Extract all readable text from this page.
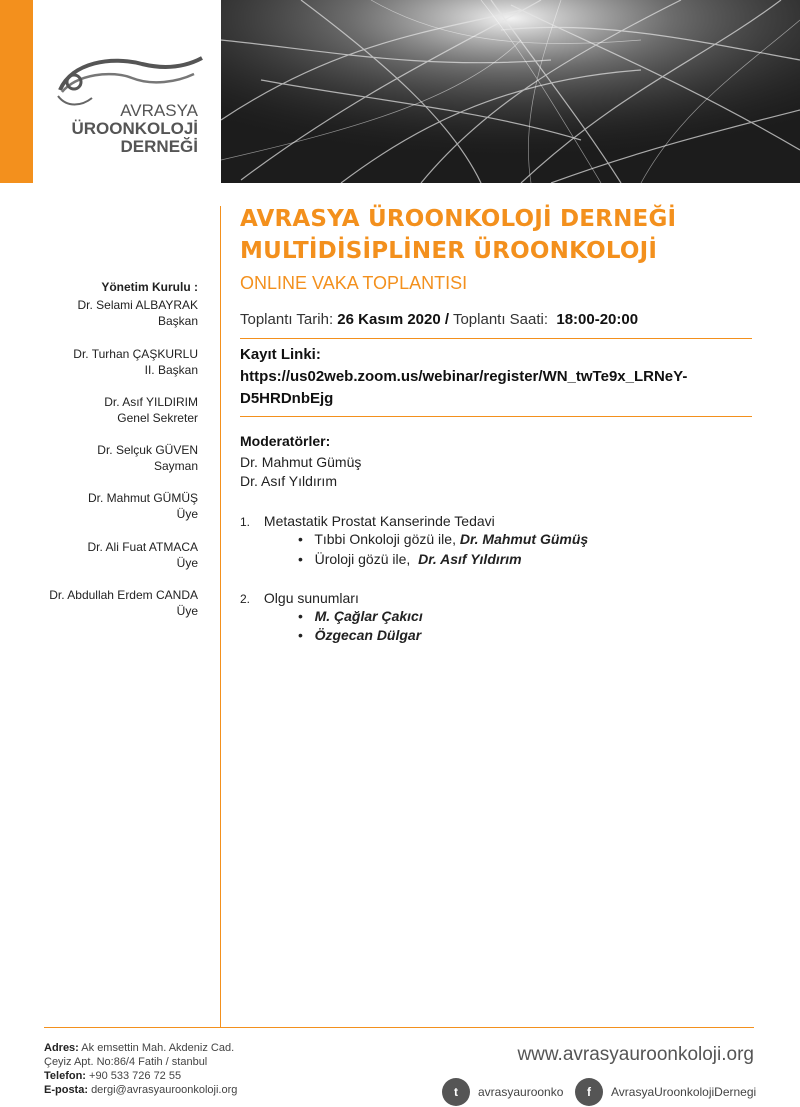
AVRASYA
ÜROONKOLOJİ
DERNEĞİ
Yönetim Kurulu :
Dr. Selami ALBAYRAK
Başkan
Dr. Turhan ÇAŞKURLU
II. Başkan
Dr. Asıf YILDIRIM
Genel Sekreter
Dr. Selçuk GÜVEN
Sayman
Dr. Mahmut GÜMÜŞ
Üye
Dr. Ali Fuat ATMACA
Üye
Dr. Abdullah Erdem CANDA
Üye
AVRASYA ÜROONKOLOJİ DERNEĞİ
MULTİDİSİPLİNER ÜROONKOLOJİ
ONLINE VAKA TOPLANTISI
Toplantı Tarih: 26 Kasım 2020 / Toplantı Saati: 18:00-20:00
Kayıt Linki:
https://us02web.zoom.us/webinar/register/WN_twTe9x_LRNeY-D5HRDnbEjg
Moderatörler:
Dr. Mahmut Gümüş
Dr. Asıf Yıldırım
1. Metastatik Prostat Kanserinde Tedavi
• Tıbbi Onkoloji gözü ile, Dr. Mahmut Gümüş
• Üroloji gözü ile, Dr. Asıf Yıldırım
2. Olgu sunumları
• M. Çağlar Çakıcı
• Özgecan Dülgar
Adres: Ak emsettin Mah. Akdeniz Cad.
Çeyiz Apt. No:86/4 Fatih / stanbul
Telefon: +90 533 726 72 55
E-posta: dergi@avrasyauroonkoloji.org
www.avrasyauroonkoloji.org
t	avrasyauroonko	f	AvrasyaUroonkolojiDernegi
